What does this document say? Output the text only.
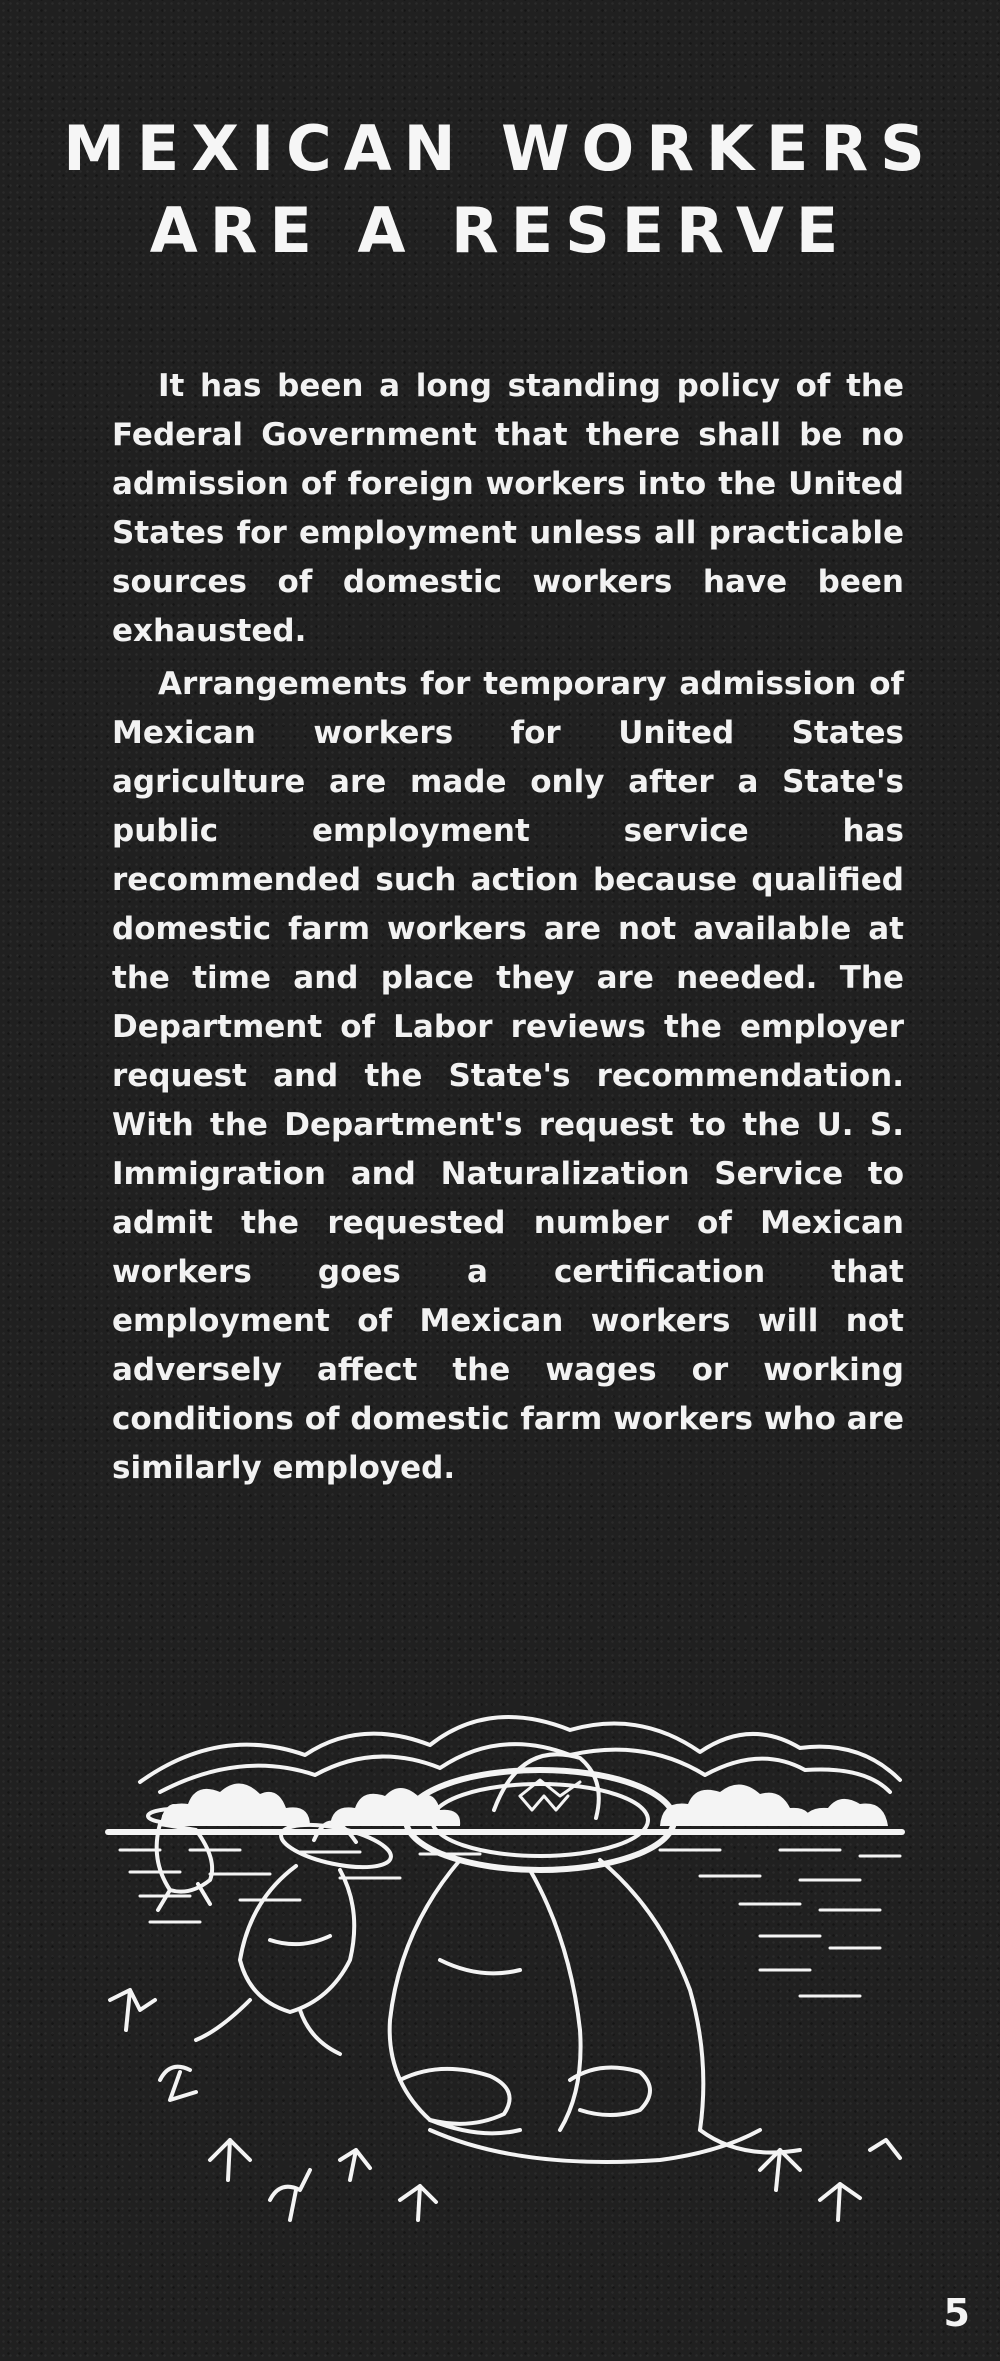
MEXICAN WORKERS
ARE A RESERVE

It has been a long standing policy of the Federal Government that there shall be no admission of foreign workers into the United States for employment unless all practicable sources of domestic workers have been exhausted.

Arrangements for temporary admission of Mexican workers for United States agriculture are made only after a State's public employment service has recommended such action because qualified domestic farm workers are not available at the time and place they are needed. The Department of Labor reviews the employer request and the State's recommendation. With the Department's request to the U. S. Immigration and Naturalization Service to admit the requested number of Mexican workers goes a certification that employment of Mexican workers will not adversely affect the wages or working conditions of domestic farm workers who are similarly employed.

5
